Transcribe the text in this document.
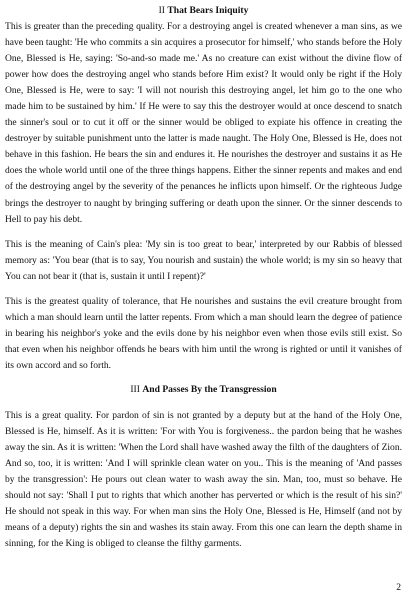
II That Bears Iniquity

This is greater than the preceding quality. For a destroying angel is created whenever a man sins, as we have been taught: 'He who commits a sin acquires a prosecutor for himself,' who stands before the Holy One, Blessed is He, saying: 'So-and-so made me.' As no creature can exist without the divine flow of power how does the destroying angel who stands before Him exist? It would only be right if the Holy One, Blessed is He, were to say: 'I will not nourish this destroying angel, let him go to the one who made him to be sustained by him.' If He were to say this the destroyer would at once descend to snatch the sinner's soul or to cut it off or the sinner would be obliged to expiate his offence in creating the destroyer by suitable punishment unto the latter is made naught. The Holy One, Blessed is He, does not behave in this fashion. He bears the sin and endures it. He nourishes the destroyer and sustains it as He does the whole world until one of the three things happens. Either the sinner repents and makes and end of the destroying angel by the severity of the penances he inflicts upon himself. Or the righteous Judge brings the destroyer to naught by bringing suffering or death upon the sinner. Or the sinner descends to Hell to pay his debt.

This is the meaning of Cain's plea: 'My sin is too great to bear,' interpreted by our Rabbis of blessed memory as: 'You bear (that is to say, You nourish and sustain) the whole world; is my sin so heavy that You can not bear it (that is, sustain it until I repent)?'

This is the greatest quality of tolerance, that He nourishes and sustains the evil creature brought from which a man should learn until the latter repents. From which a man should learn the degree of patience in bearing his neighbor's yoke and the evils done by his neighbor even when those evils still exist. So that even when his neighbor offends he bears with him until the wrong is righted or until it vanishes of its own accord and so forth.

III And Passes By the Transgression

This is a great quality. For pardon of sin is not granted by a deputy but at the hand of the Holy One, Blessed is He, himself. As it is written: 'For with You is forgiveness.. the pardon being that he washes away the sin. As it is written: 'When the Lord shall have washed away the filth of the daughters of Zion. And so, too, it is written: 'And I will sprinkle clean water on you.. This is the meaning of 'And passes by the transgression': He pours out clean water to wash away the sin. Man, too, must so behave. He should not say: 'Shall I put to rights that which another has perverted or which is the result of his sin?' He should not speak in this way. For when man sins the Holy One, Blessed is He, Himself (and not by means of a deputy) rights the sin and washes its stain away. From this one can learn the depth shame in sinning, for the King is obliged to cleanse the filthy garments.

2
